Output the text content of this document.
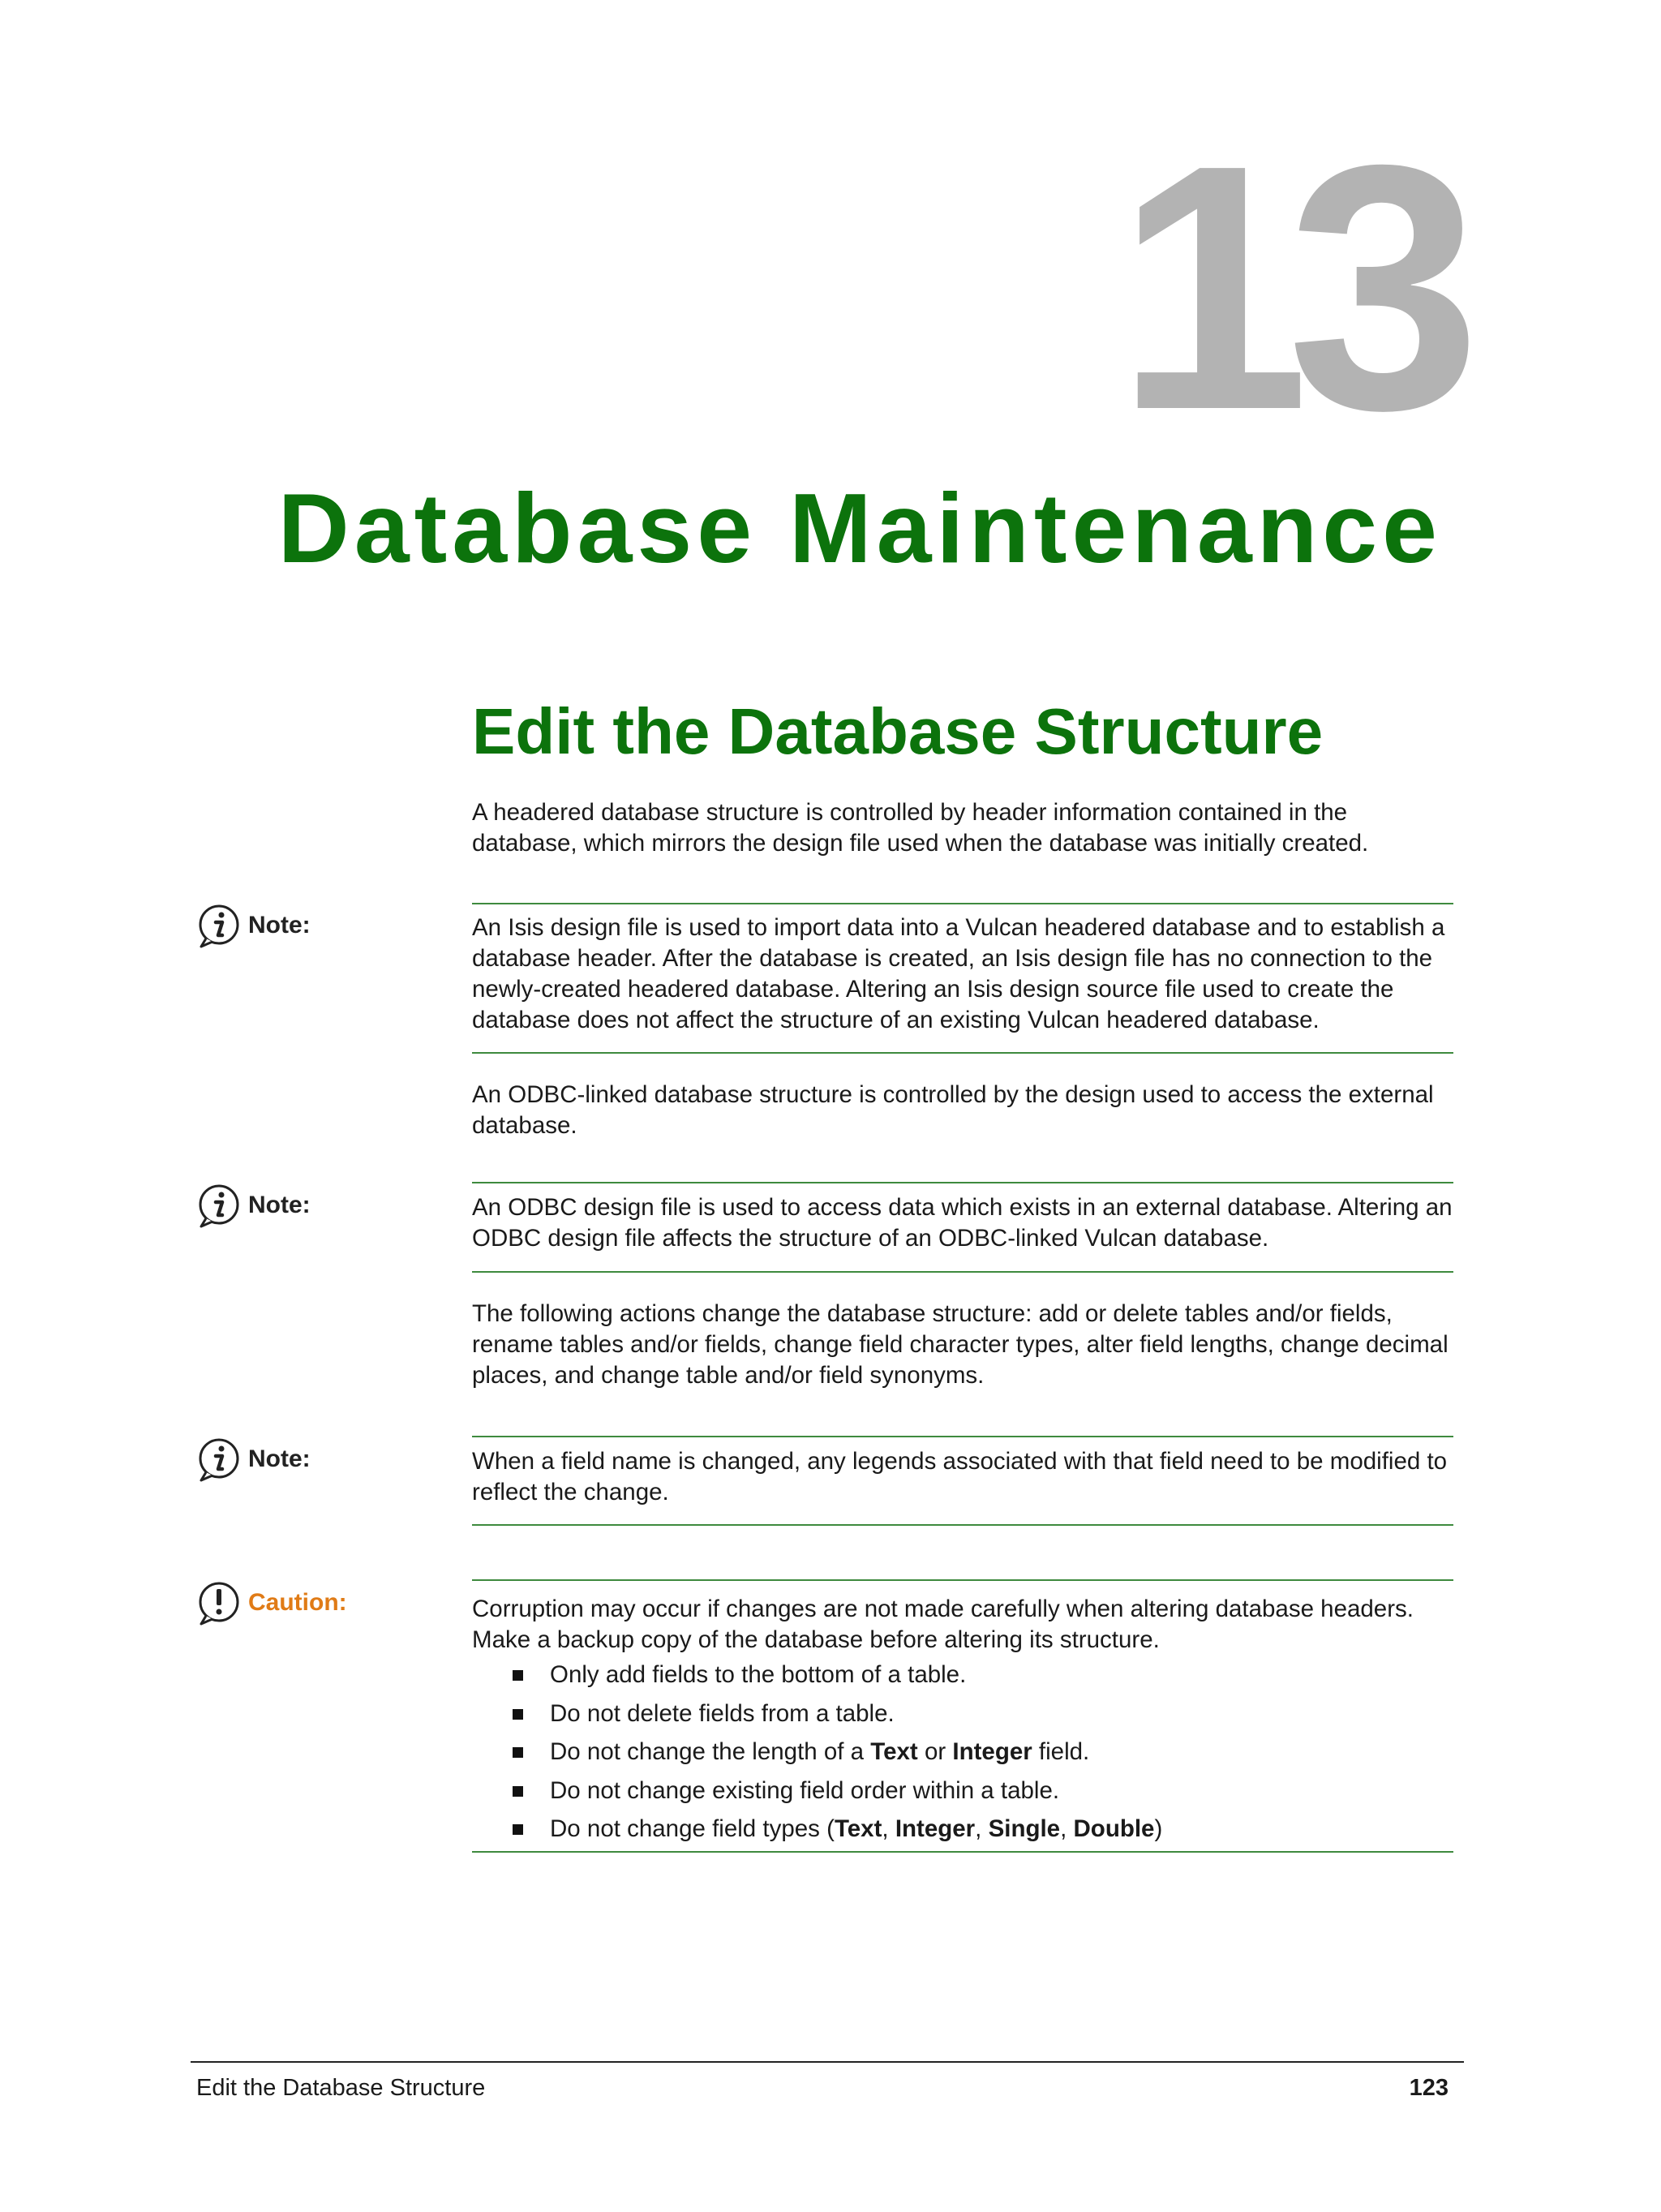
13
Database Maintenance
Edit the Database Structure
A headered database structure is controlled by header information contained in the database, which mirrors the design file used when the database was initially created.
Note:	An Isis design file is used to import data into a Vulcan headered database and to establish a database header. After the database is created, an Isis design file has no connection to the newly-created headered database. Altering an Isis design source file used to create the database does not affect the structure of an existing Vulcan headered database.
An ODBC-linked database structure is controlled by the design used to access the external database.
Note:	An ODBC design file is used to access data which exists in an external database. Altering an ODBC design file affects the structure of an ODBC-linked Vulcan database.
The following actions change the database structure: add or delete tables and/or fields, rename tables and/or fields, change field character types, alter field lengths, change decimal places, and change table and/or field synonyms.
Note:	When a field name is changed, any legends associated with that field need to be modified to reflect the change.
Caution:	Corruption may occur if changes are not made carefully when altering database headers. Make a backup copy of the database before altering its structure.
Only add fields to the bottom of a table.
Do not delete fields from a table.
Do not change the length of a Text or Integer field.
Do not change existing field order within a table.
Do not change field types (Text, Integer, Single, Double)
Edit the Database Structure	123
